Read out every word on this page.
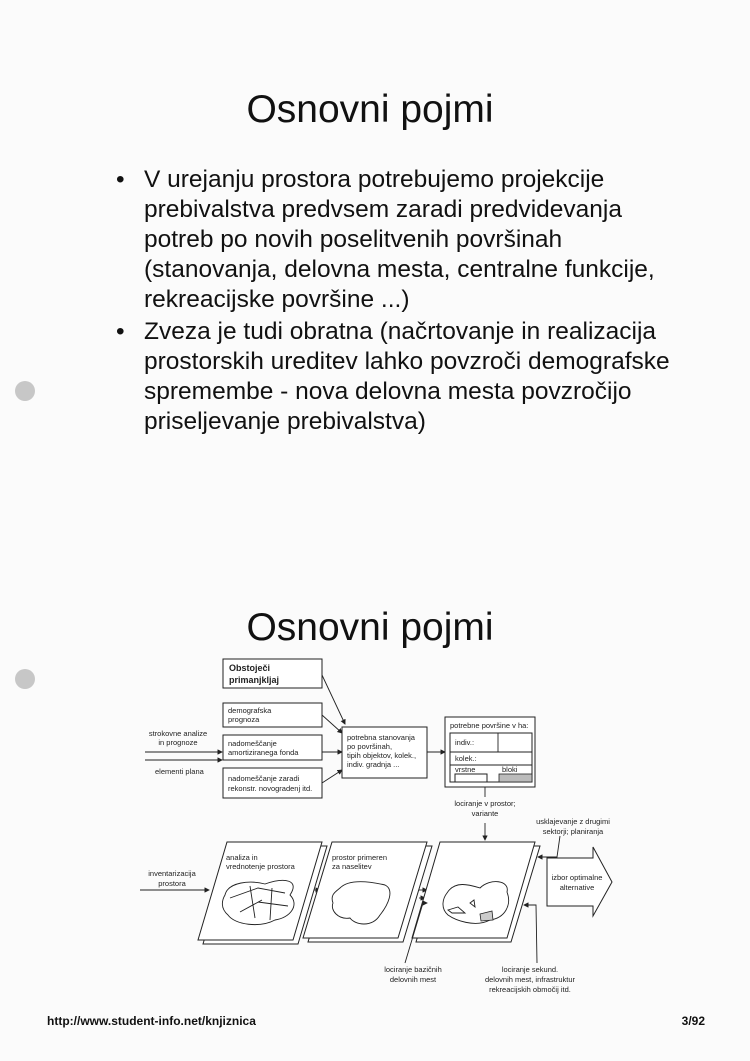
Osnovni pojmi
• V urejanju prostora potrebujemo projekcije prebivalstva predvsem zaradi predvidevanja potreb po novih poselitvenih površinah (stanovanja, delovna mesta, centralne funkcije, rekreacijske površine ...)
• Zveza je tudi obratna (načrtovanje in realizacija prostorskih ureditev lahko povzroči demografske spremembe - nova delovna mesta povzročijo priseljevanje prebivalstva)
Osnovni pojmi
Obstoječi
primanjkljaj
demografska
prognoza
nadomeščanje
amortiziranega fonda
nadomeščanje zaradi
rekonstr. novogradenj itd.
strokovne analize
in prognoze
elementi plana
potrebna stanovanja
po površinah,
tipih objektov, kolek.,
indiv. gradnja ...
potrebne površine v ha:
indiv.:
kolek.:
vrstne	bloki
lociranje v prostor;
variante
usklajevanje z drugimi
sektorji; planiranja
inventarizacija
prostora
analiza in
vrednotenje prostora
prostor primeren
za naselitev
izbor optimalne
alternative
lociranje bazičnih
delovnih mest
lociranje sekund.
delovnih mest, infrastruktur
rekreacijskih območij itd.
http://www.student-info.net/knjiznica	3/92
